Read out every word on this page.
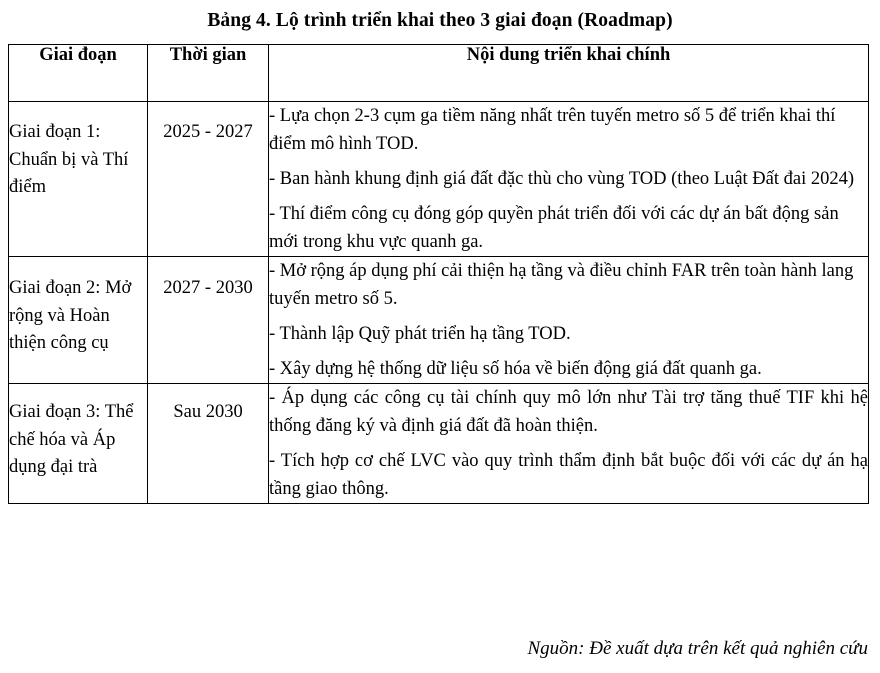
Bảng 4. Lộ trình triển khai theo 3 giai đoạn (Roadmap)
Giai đoạn	Thời gian	Nội dung triển khai chính
Giai đoạn 1: Chuẩn bị và Thí điểm	2025 - 2027	- Lựa chọn 2-3 cụm ga tiềm năng nhất trên tuyến metro số 5 để triển khai thí điểm mô hình TOD.

- Ban hành khung định giá đất đặc thù cho vùng TOD (theo Luật Đất đai 2024)

- Thí điểm công cụ đóng góp quyền phát triển đối với các dự án bất động sản mới trong khu vực quanh ga.

Giai đoạn 2: Mở rộng và Hoàn thiện công cụ	2027 - 2030	- Mở rộng áp dụng phí cải thiện hạ tầng và điều chỉnh FAR trên toàn hành lang tuyến metro số 5.

- Thành lập Quỹ phát triển hạ tầng TOD.

- Xây dựng hệ thống dữ liệu số hóa về biến động giá đất quanh ga.

Giai đoạn 3: Thể chế hóa và Áp dụng đại trà	Sau 2030	- Áp dụng các công cụ tài chính quy mô lớn như Tài trợ tăng thuế TIF khi hệ thống đăng ký và định giá đất đã hoàn thiện.

- Tích hợp cơ chế LVC vào quy trình thẩm định bắt buộc đối với các dự án hạ tầng giao thông.

Nguồn: Đề xuất dựa trên kết quả nghiên cứu
